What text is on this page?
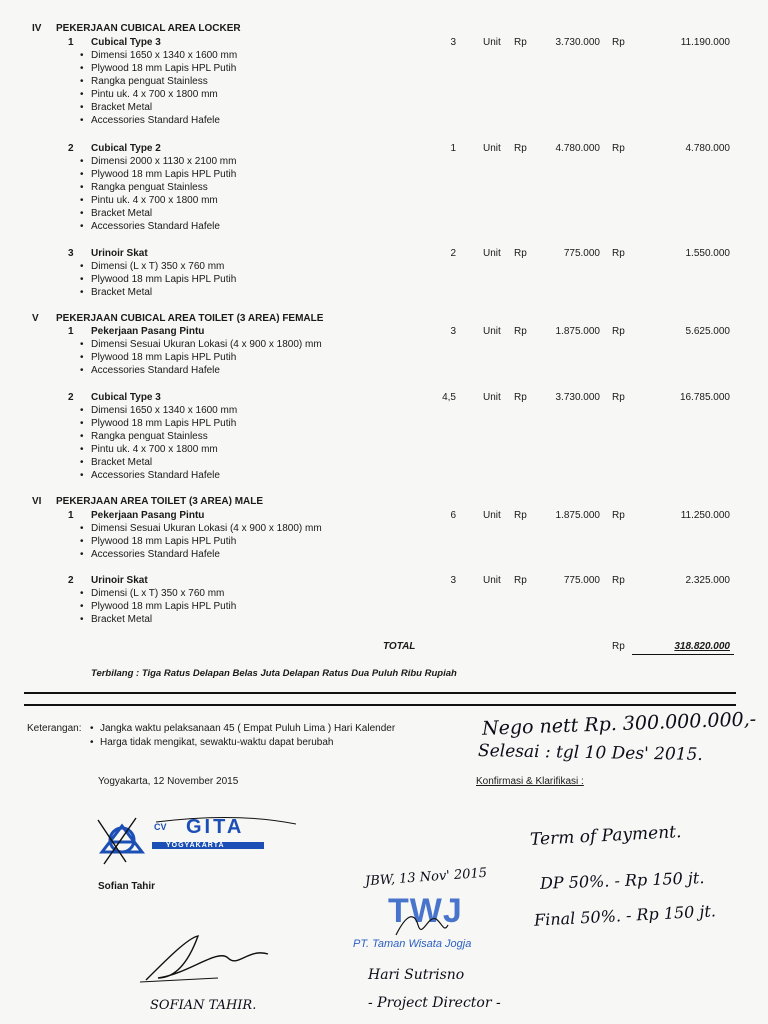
IV PEKERJAAN CUBICAL AREA LOCKER
1 Cubical Type 3	3	Unit Rp	3.730.000 Rp	11.190.000
• Dimensi 1650 x 1340 x 1600 mm
• Plywood 18 mm Lapis HPL Putih
• Rangka penguat Stainless
• Pintu uk. 4 x 700 x 1800 mm
• Bracket Metal
• Accessories Standard Hafele
2 Cubical Type 2	1	Unit Rp	4.780.000 Rp	4.780.000
• Dimensi 2000 x 1130 x 2100 mm
• Plywood 18 mm Lapis HPL Putih
• Rangka penguat Stainless
• Pintu uk. 4 x 700 x 1800 mm
• Bracket Metal
• Accessories Standard Hafele
3 Urinoir Skat	2	Unit Rp	775.000 Rp	1.550.000
• Dimensi (L x T) 350 x 760 mm
• Plywood 18 mm Lapis HPL Putih
• Bracket Metal
V PEKERJAAN CUBICAL AREA TOILET (3 AREA) FEMALE
1 Pekerjaan Pasang Pintu	3	Unit Rp	1.875.000 Rp	5.625.000
• Dimensi Sesuai Ukuran Lokasi (4 x 900 x 1800) mm
• Plywood 18 mm Lapis HPL Putih
• Accessories Standard Hafele
2 Cubical Type 3	4,5	Unit Rp	3.730.000 Rp	16.785.000
• Dimensi 1650 x 1340 x 1600 mm
• Plywood 18 mm Lapis HPL Putih
• Rangka penguat Stainless
• Pintu uk. 4 x 700 x 1800 mm
• Bracket Metal
• Accessories Standard Hafele
VI PEKERJAAN AREA TOILET (3 AREA) MALE
1 Pekerjaan Pasang Pintu	6	Unit Rp	1.875.000 Rp	11.250.000
• Dimensi Sesuai Ukuran Lokasi (4 x 900 x 1800) mm
• Plywood 18 mm Lapis HPL Putih
• Accessories Standard Hafele
2 Urinoir Skat	3	Unit Rp	775.000 Rp	2.325.000
• Dimensi (L x T) 350 x 760 mm
• Plywood 18 mm Lapis HPL Putih
• Bracket Metal
TOTAL	Rp	318.820.000
Terbilang : Tiga Ratus Delapan Belas Juta Delapan Ratus Dua Puluh Ribu Rupiah
Keterangan: • Jangka waktu pelaksanaan 45 ( Empat Puluh Lima ) Hari Kalender
• Harga tidak mengikat, sewaktu-waktu dapat berubah
Yogyakarta, 12 November 2015	Konfirmasi & Klarifikasi :
Nego nett Rp. 300.000.000,-
Selesai : tgl 10 Des' 2015.
CV GITA
YOGYAKARTA
Sofian Tahir
SOFIAN TAHIR.
Term of Payment.
DP 50%. - Rp 150 jt.
Final 50%. - Rp 150 jt.
JBW, 13 Nov' 2015
TWJ
PT. Taman Wisata Jogja
Hari Sutrisno
- Project Director -
